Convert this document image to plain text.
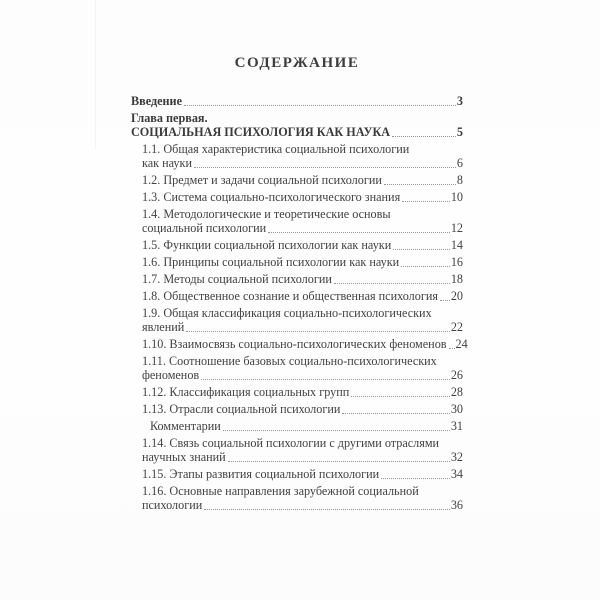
СОДЕРЖАНИЕ
Введение	3
Глава первая.
СОЦИАЛЬНАЯ ПСИХОЛОГИЯ КАК НАУКА	5
1.1. Общая характеристика социальной психологии
как науки	6
1.2. Предмет и задачи социальной психологии	8
1.3. Система социально-психологического знания	10
1.4. Методологические и теоретические основы
социальной психологии	12
1.5. Функции социальной психологии как науки	14
1.6. Принципы социальной психологии как науки	16
1.7. Методы социальной психологии	18
1.8. Общественное сознание и общественная психология 20
1.9. Общая классификация социально-психологических
явлений	22
1.10. Взаимосвязь социально-психологических феноменов 24
1.11. Соотношение базовых социально-психологических
феноменов	26
1.12. Классификация социальных групп	28
1.13. Отрасли социальной психологии	30
Комментарии	31
1.14. Связь социальной психологии с другими отраслями
научных знаний	32
1.15. Этапы развития социальной психологии	34
1.16. Основные направления зарубежной социальной
психологии	36
